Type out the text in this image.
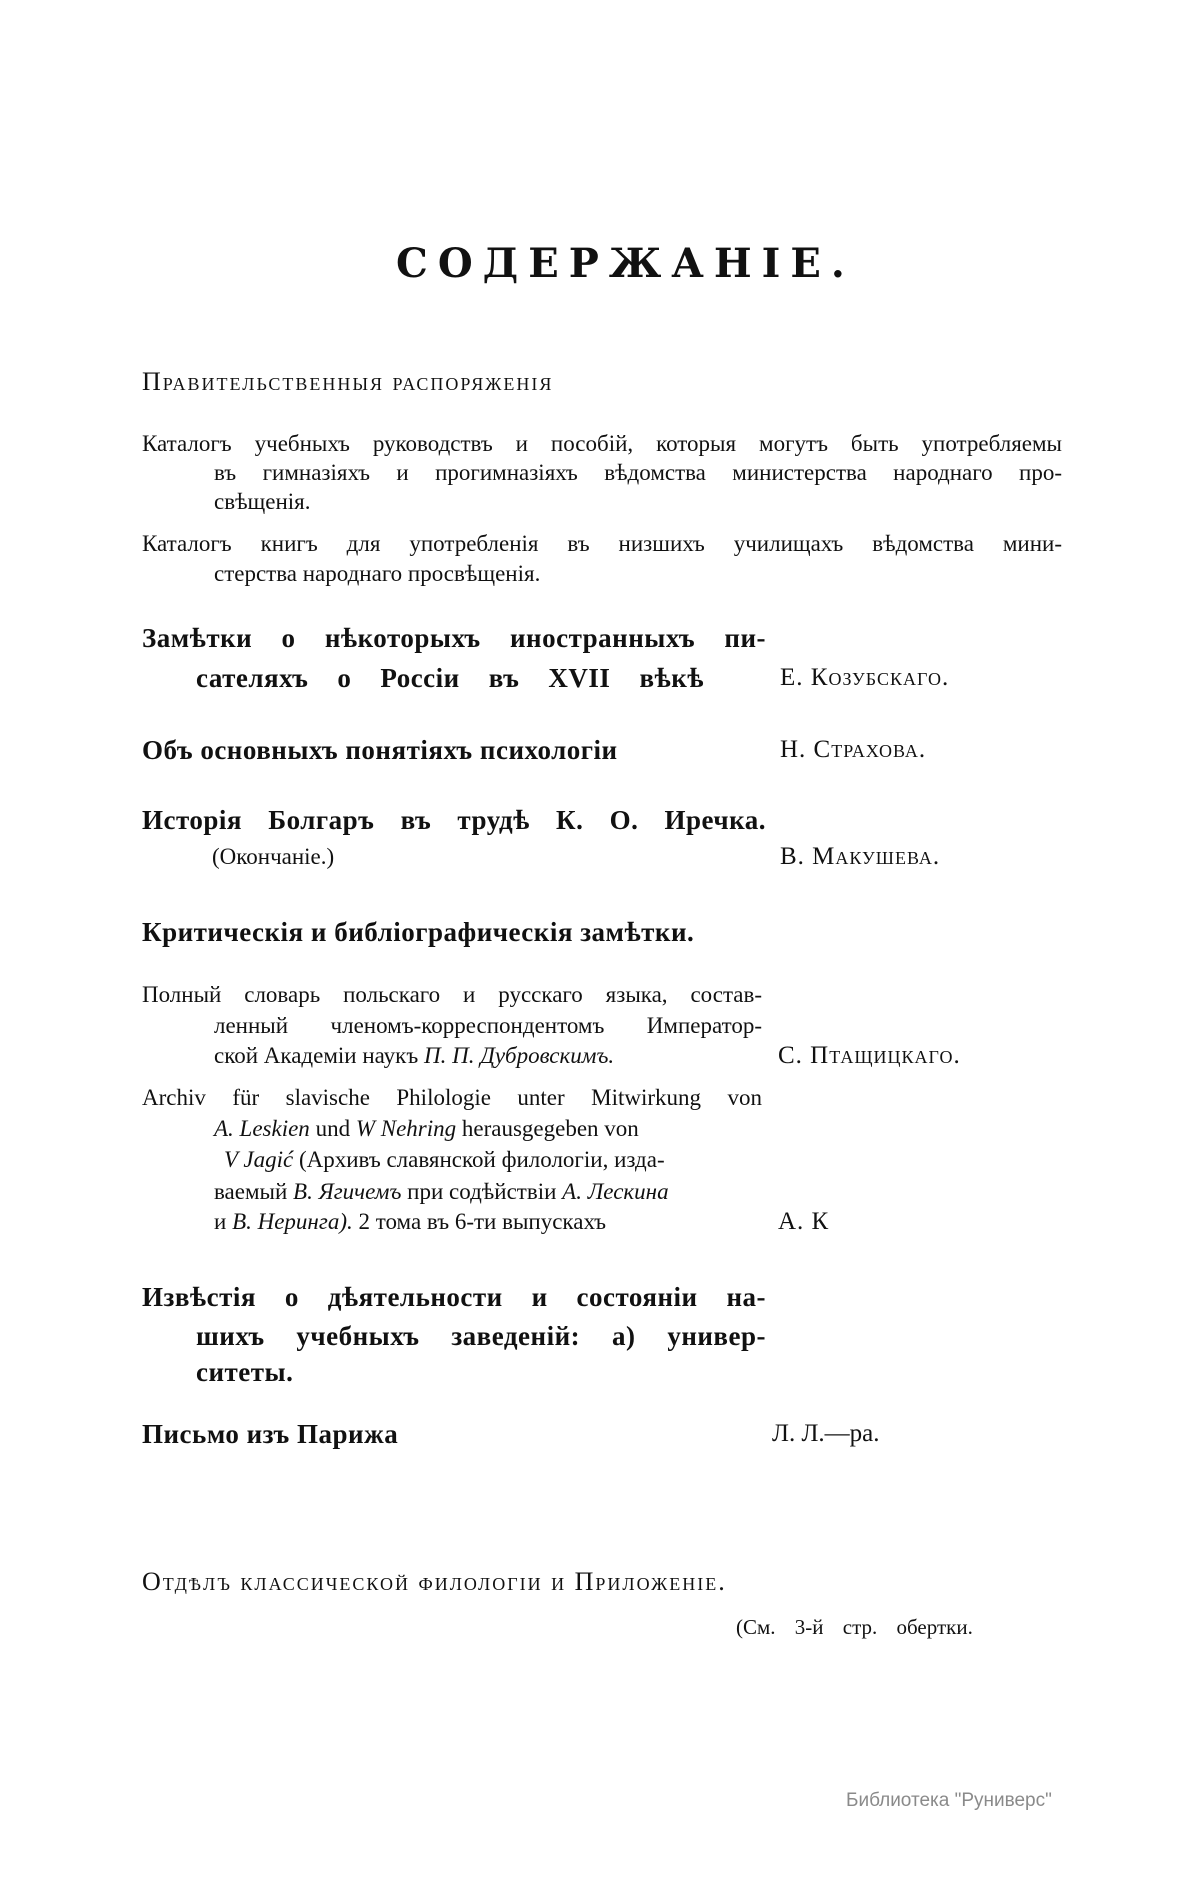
СОДЕРЖАНІЕ.
Правительственныя распоряженія
Каталогъ учебныхъ руководствъ и пособій, которыя могутъ быть употребляемы
въ гимназіяхъ и прогимназіяхъ вѣдомства министерства народнаго про-
свѣщенія.
Каталогъ книгъ для употребленія въ низшихъ училищахъ вѣдомства мини-
стерства народнаго просвѣщенія.
Замѣтки о нѣкоторыхъ иностранныхъ пи-
сателяхъ о Россіи въ XVII вѣкѣ	Е. Козубскаго.
Объ основныхъ понятіяхъ психологіи	Н. Страхова.
Исторія Болгаръ въ трудѣ К. О. Иречка.
(Окончаніе.)	В. Макушева.
Критическія и библіографическія замѣтки.
Полный словарь польскаго и русскаго языка, состав-
ленный членомъ-корреспондентомъ Император-
ской Академіи наукъ П. П. Дубровскимъ.	С. Птащицкаго.
Archiv für slavische Philologie unter Mitwirkung von
A. Leskien und W Nehring herausgegeben von
V Jagić (Архивъ славянской филологіи, изда-
ваемый В. Ягичемъ при содѣйствіи А. Лескина
и В. Неринга). 2 тома въ 6-ти выпускахъ	А. К
Извѣстія о дѣятельности и состояніи на-
шихъ учебныхъ заведеній: а) универ-
ситеты.
Письмо изъ Парижа	Л. Л.—ра.
Отдѣлъ классической филологіи и Приложеніе.
(См. 3-й стр. обертки.
Библиотека "Руниверс"
